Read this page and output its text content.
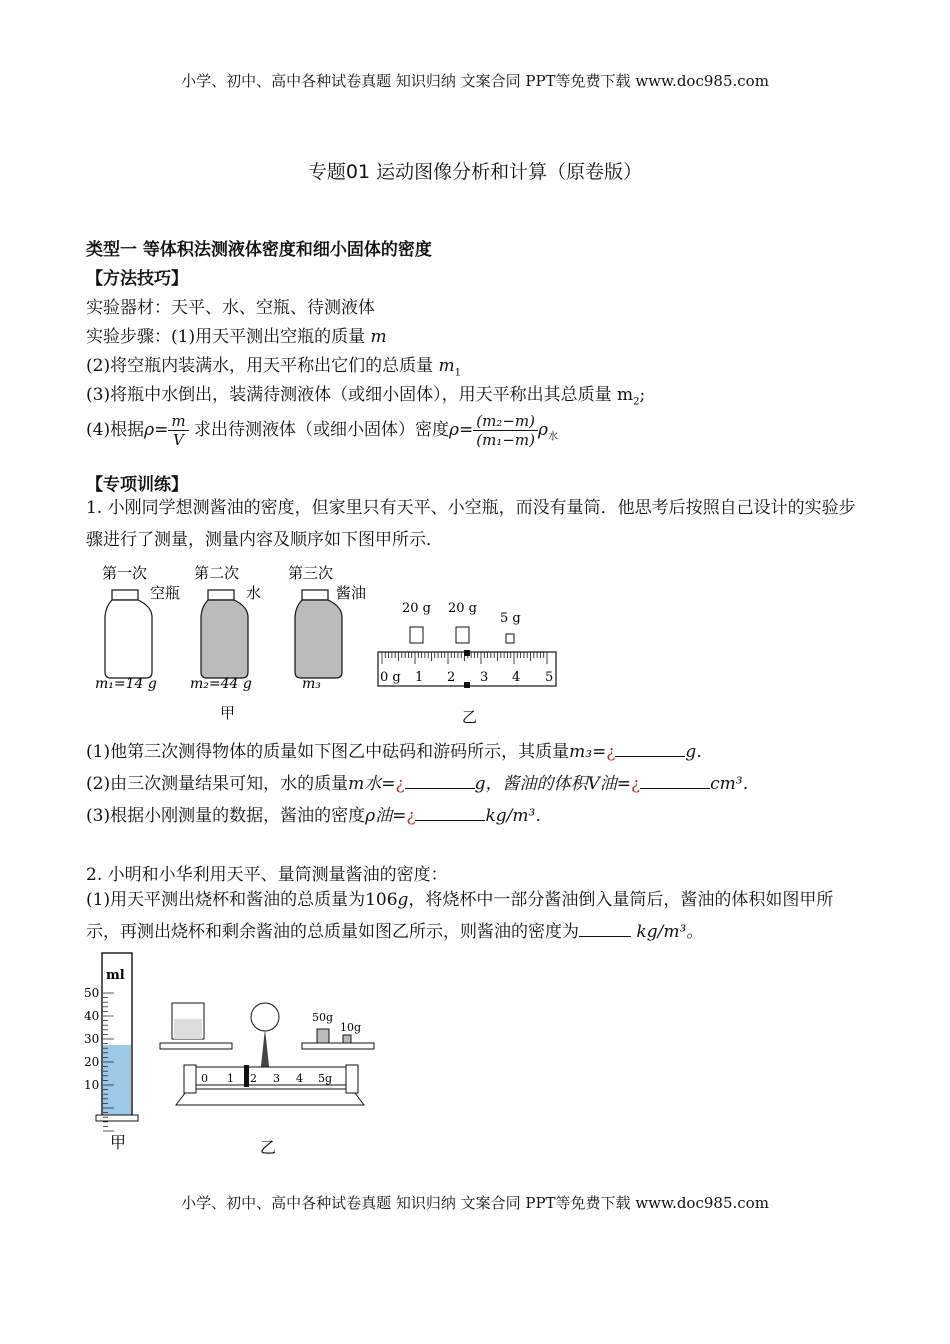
小学、初中、高中各种试卷真题 知识归纳 文案合同 PPT等免费下载 www.doc985.com
专题01 运动图像分析和计算（原卷版）
类型一 等体积法测液体密度和细小固体的密度
【方法技巧】
实验器材：天平、水、空瓶、待测液体
实验步骤：(1)用天平测出空瓶的质量 m
(2)将空瓶内装满水，用天平称出它们的总质量 $m_1$
(3)将瓶中水倒出，装满待测液体（或细小固体），用天平称出其总质量 $m_2$;
(4)根据$\rho= \frac{m}{V}$ 求出待测液体（或细小固体）密度$\rho= \frac{\text{(m₂−m)}}{\text{(m₁−m)}} \rho_水$
【专项训练】
1. 小刚同学想测酱油的密度，但家里只有天平、小空瓶，而没有量筒．他思考后按照自己设计的实验步骤进行了测量，测量内容及顺序如下图甲所示．
第一次
空瓶
m₁=14 g
第二次
水
m₂=44 g
甲
第三次
酱油
m₃
20 g 20 g
5 g
0 g 1 2 3 4 5
乙
(1)他第三次测得物体的质量如下图乙中砝码和游码所示，其质量m₃=¿	g．
(2)由三次测量结果可知，水的质量m水=¿	g，酱油的体积V油=¿	cm³．
(3)根据小刚测量的数据，酱油的密度ρ油=¿	kg/m³．
2. 小明和小华利用天平、量筒测量酱油的密度：
(1)用天平测出烧杯和酱油的总质量为106g，将烧杯中一部分酱油倒入量筒后，酱油的体积如图甲所示，再测出烧杯和剩余酱油的总质量如图乙所示，则酱油的密度为	kg/m³。
ml
50
40
30
20
10
甲
50g
10g
0 1 2 3 4 5g
乙
小学、初中、高中各种试卷真题 知识归纳 文案合同 PPT等免费下载 www.doc985.com
